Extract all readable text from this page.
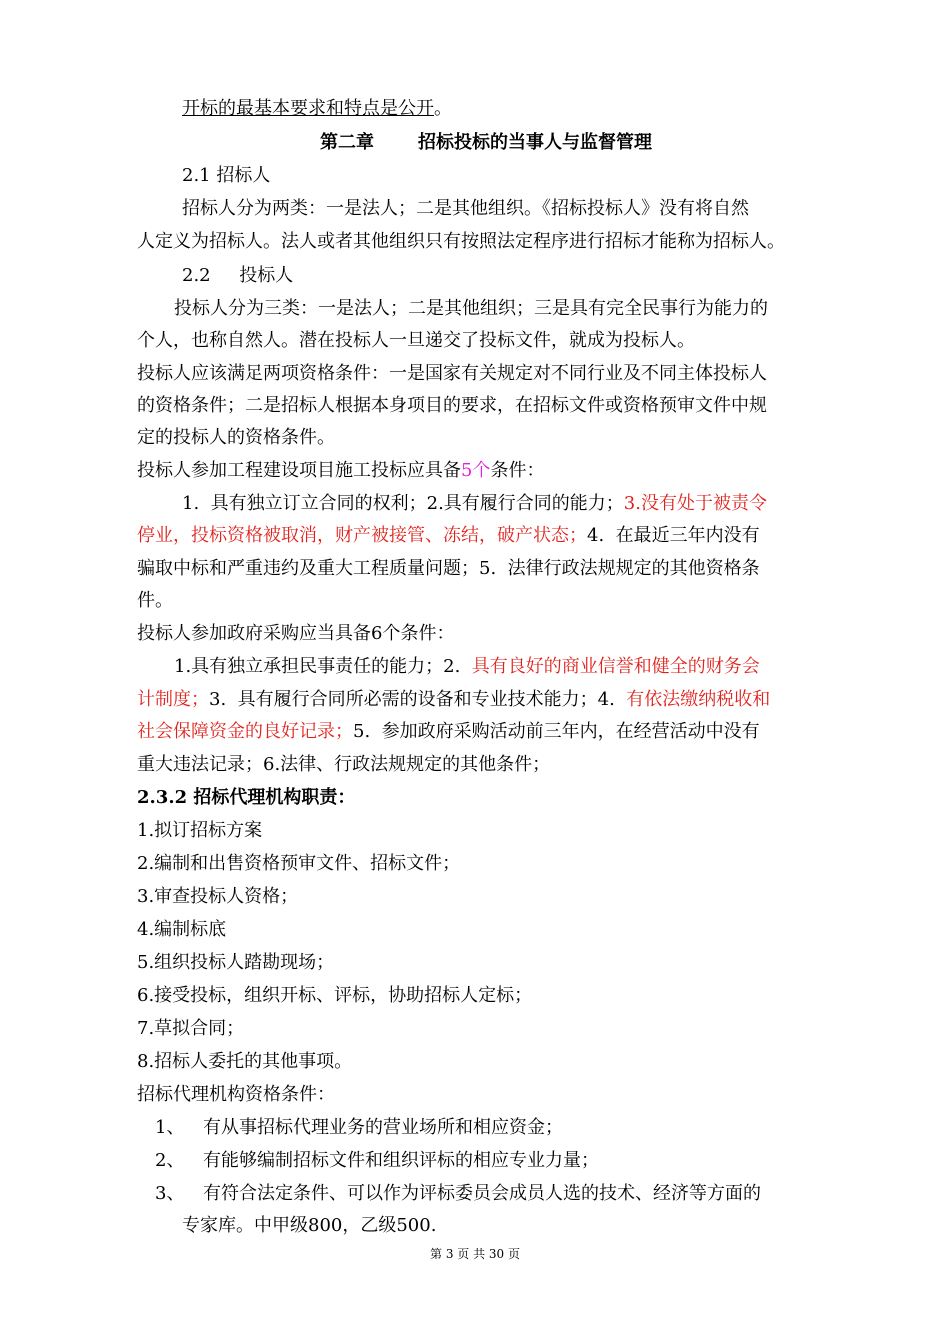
开标的最基本要求和特点是公开。
第二章 招标投标的当事人与监督管理
2.1 招标人
招标人分为两类：一是法人；二是其他组织。《招标投标人》没有将自然
人定义为招标人。法人或者其他组织只有按照法定程序进行招标才能称为招标人。
2.2     投标人
投标人分为三类：一是法人；二是其他组织；三是具有完全民事行为能力的
个人，也称自然人。潜在投标人一旦递交了投标文件，就成为投标人。
投标人应该满足两项资格条件：一是国家有关规定对不同行业及不同主体投标人
的资格条件；二是招标人根据本身项目的要求，在招标文件或资格预审文件中规
定的投标人的资格条件。
投标人参加工程建设项目施工投标应具备5个条件：
1.  具有独立订立合同的权利；2.具有履行合同的能力；3.没有处于被责令
停业，投标资格被取消，财产被接管、冻结，破产状态；4.  在最近三年内没有
骗取中标和严重违约及重大工程质量问题；5.  法律行政法规规定的其他资格条
件。
投标人参加政府采购应当具备6个条件：
1.具有独立承担民事责任的能力；2.  具有良好的商业信誉和健全的财务会
计制度；3.  具有履行合同所必需的设备和专业技术能力；4.  有依法缴纳税收和
社会保障资金的良好记录；5.  参加政府采购活动前三年内，在经营活动中没有
重大违法记录；6.法律、行政法规规定的其他条件；
2.3.2 招标代理机构职责：
1.拟订招标方案
2.编制和出售资格预审文件、招标文件；
3.审查投标人资格；
4.编制标底
5.组织投标人踏勘现场；
6.接受投标，组织开标、评标，协助招标人定标；
7.草拟合同；
8.招标人委托的其他事项。
招标代理机构资格条件：
1、 有从事招标代理业务的营业场所和相应资金；
2、 有能够编制招标文件和组织评标的相应专业力量；
3、 有符合法定条件、可以作为评标委员会成员人选的技术、经济等方面的
专家库。中甲级800，乙级500.
第 3 页 共 30 页
